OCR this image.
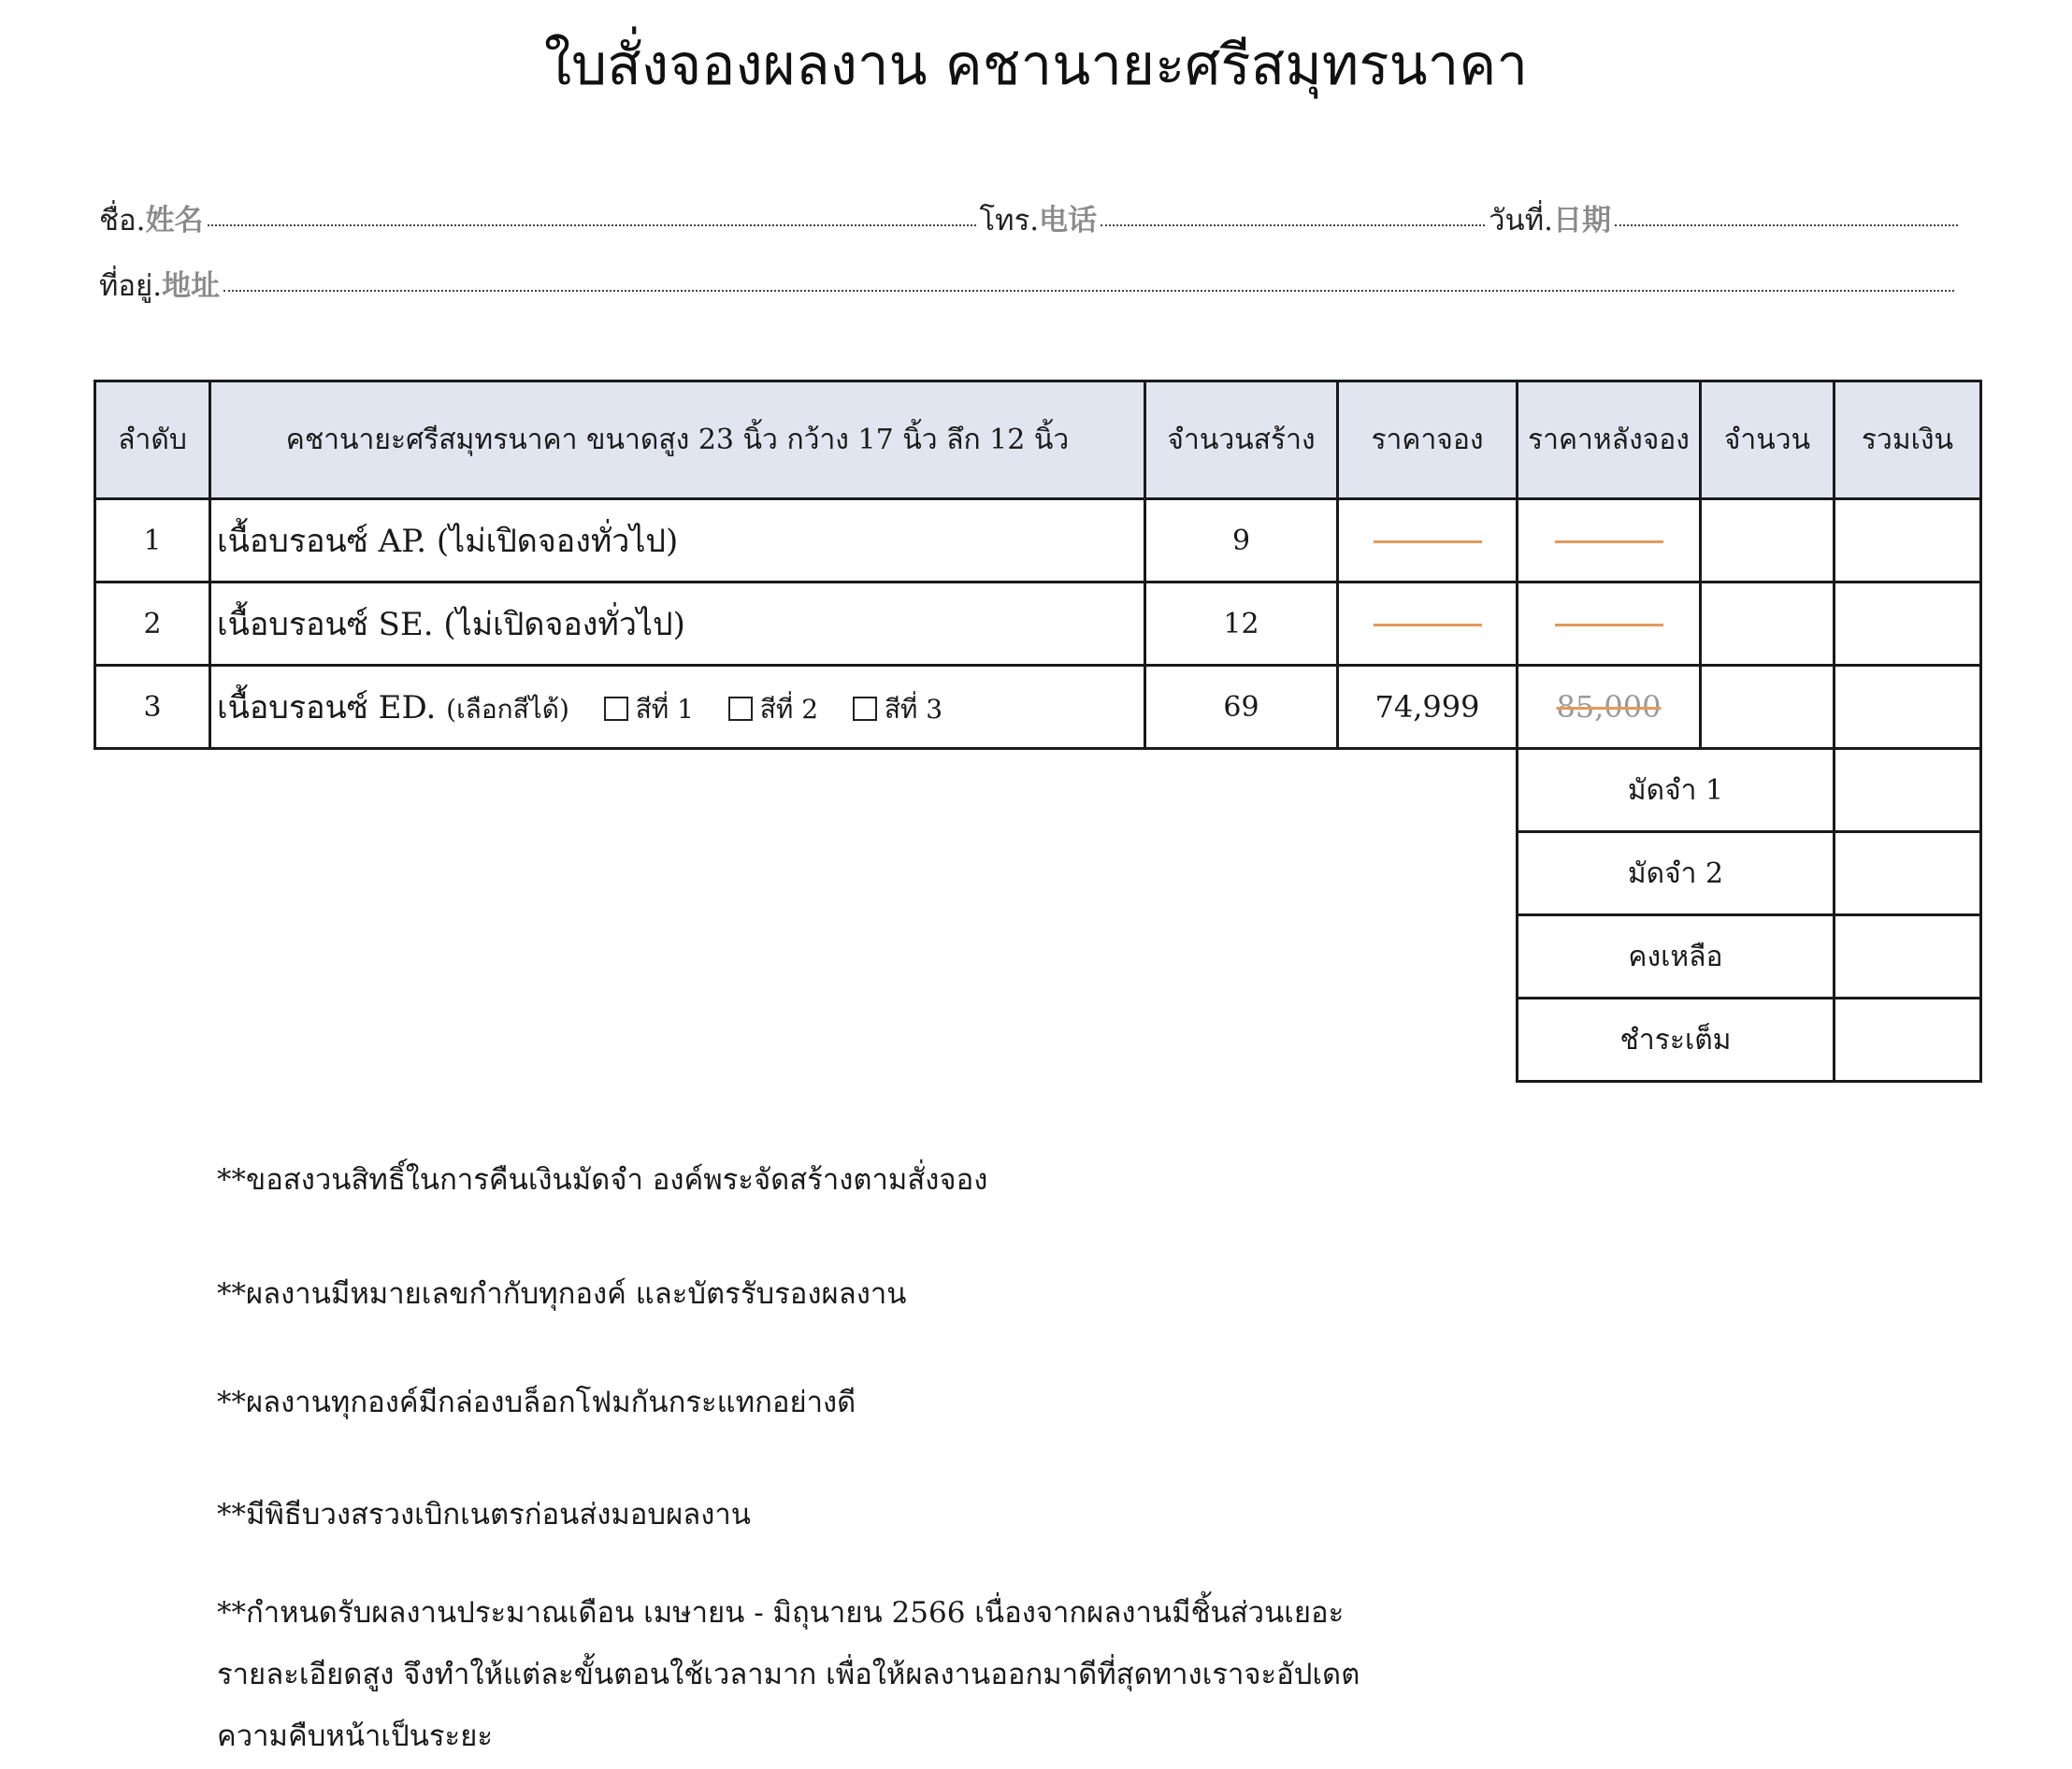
ใบสั่งจองผลงาน คชานายะศรีสมุทรนาคา
ชื่อ. 姓名	โทร. 电话	วันที่. 日期
ที่อยู่. 地址
ลำดับ	คชานายะศรีสมุทรนาคา ขนาดสูง 23 นิ้ว กว้าง 17 นิ้ว ลึก 12 นิ้ว	จำนวนสร้าง	ราคาจอง	ราคาหลังจอง	จำนวน	รวมเงิน
1	เนื้อบรอนซ์ AP. (ไม่เปิดจองทั่วไป)	9				
2	เนื้อบรอนซ์ SE. (ไม่เปิดจองทั่วไป)	12				
3	เนื้อบรอนซ์ ED. (เลือกสีได้) สีที่ 1 สีที่ 2 สีที่ 3	69	74,999	85,000		
				มัดจำ 1		
				มัดจำ 2		
				คงเหลือ		
				ชำระเต็ม		
**ขอสงวนสิทธิ์ในการคืนเงินมัดจำ องค์พระจัดสร้างตามสั่งจอง
**ผลงานมีหมายเลขกำกับทุกองค์ และบัตรรับรองผลงาน
**ผลงานทุกองค์มีกล่องบล็อกโฟมกันกระแทกอย่างดี
**มีพิธีบวงสรวงเบิกเนตรก่อนส่งมอบผลงาน
**กำหนดรับผลงานประมาณเดือน เมษายน - มิถุนายน 2566 เนื่องจากผลงานมีชิ้นส่วนเยอะ
รายละเอียดสูง จึงทำให้แต่ละขั้นตอนใช้เวลามาก เพื่อให้ผลงานออกมาดีที่สุดทางเราจะอัปเดต
ความคืบหน้าเป็นระยะ
